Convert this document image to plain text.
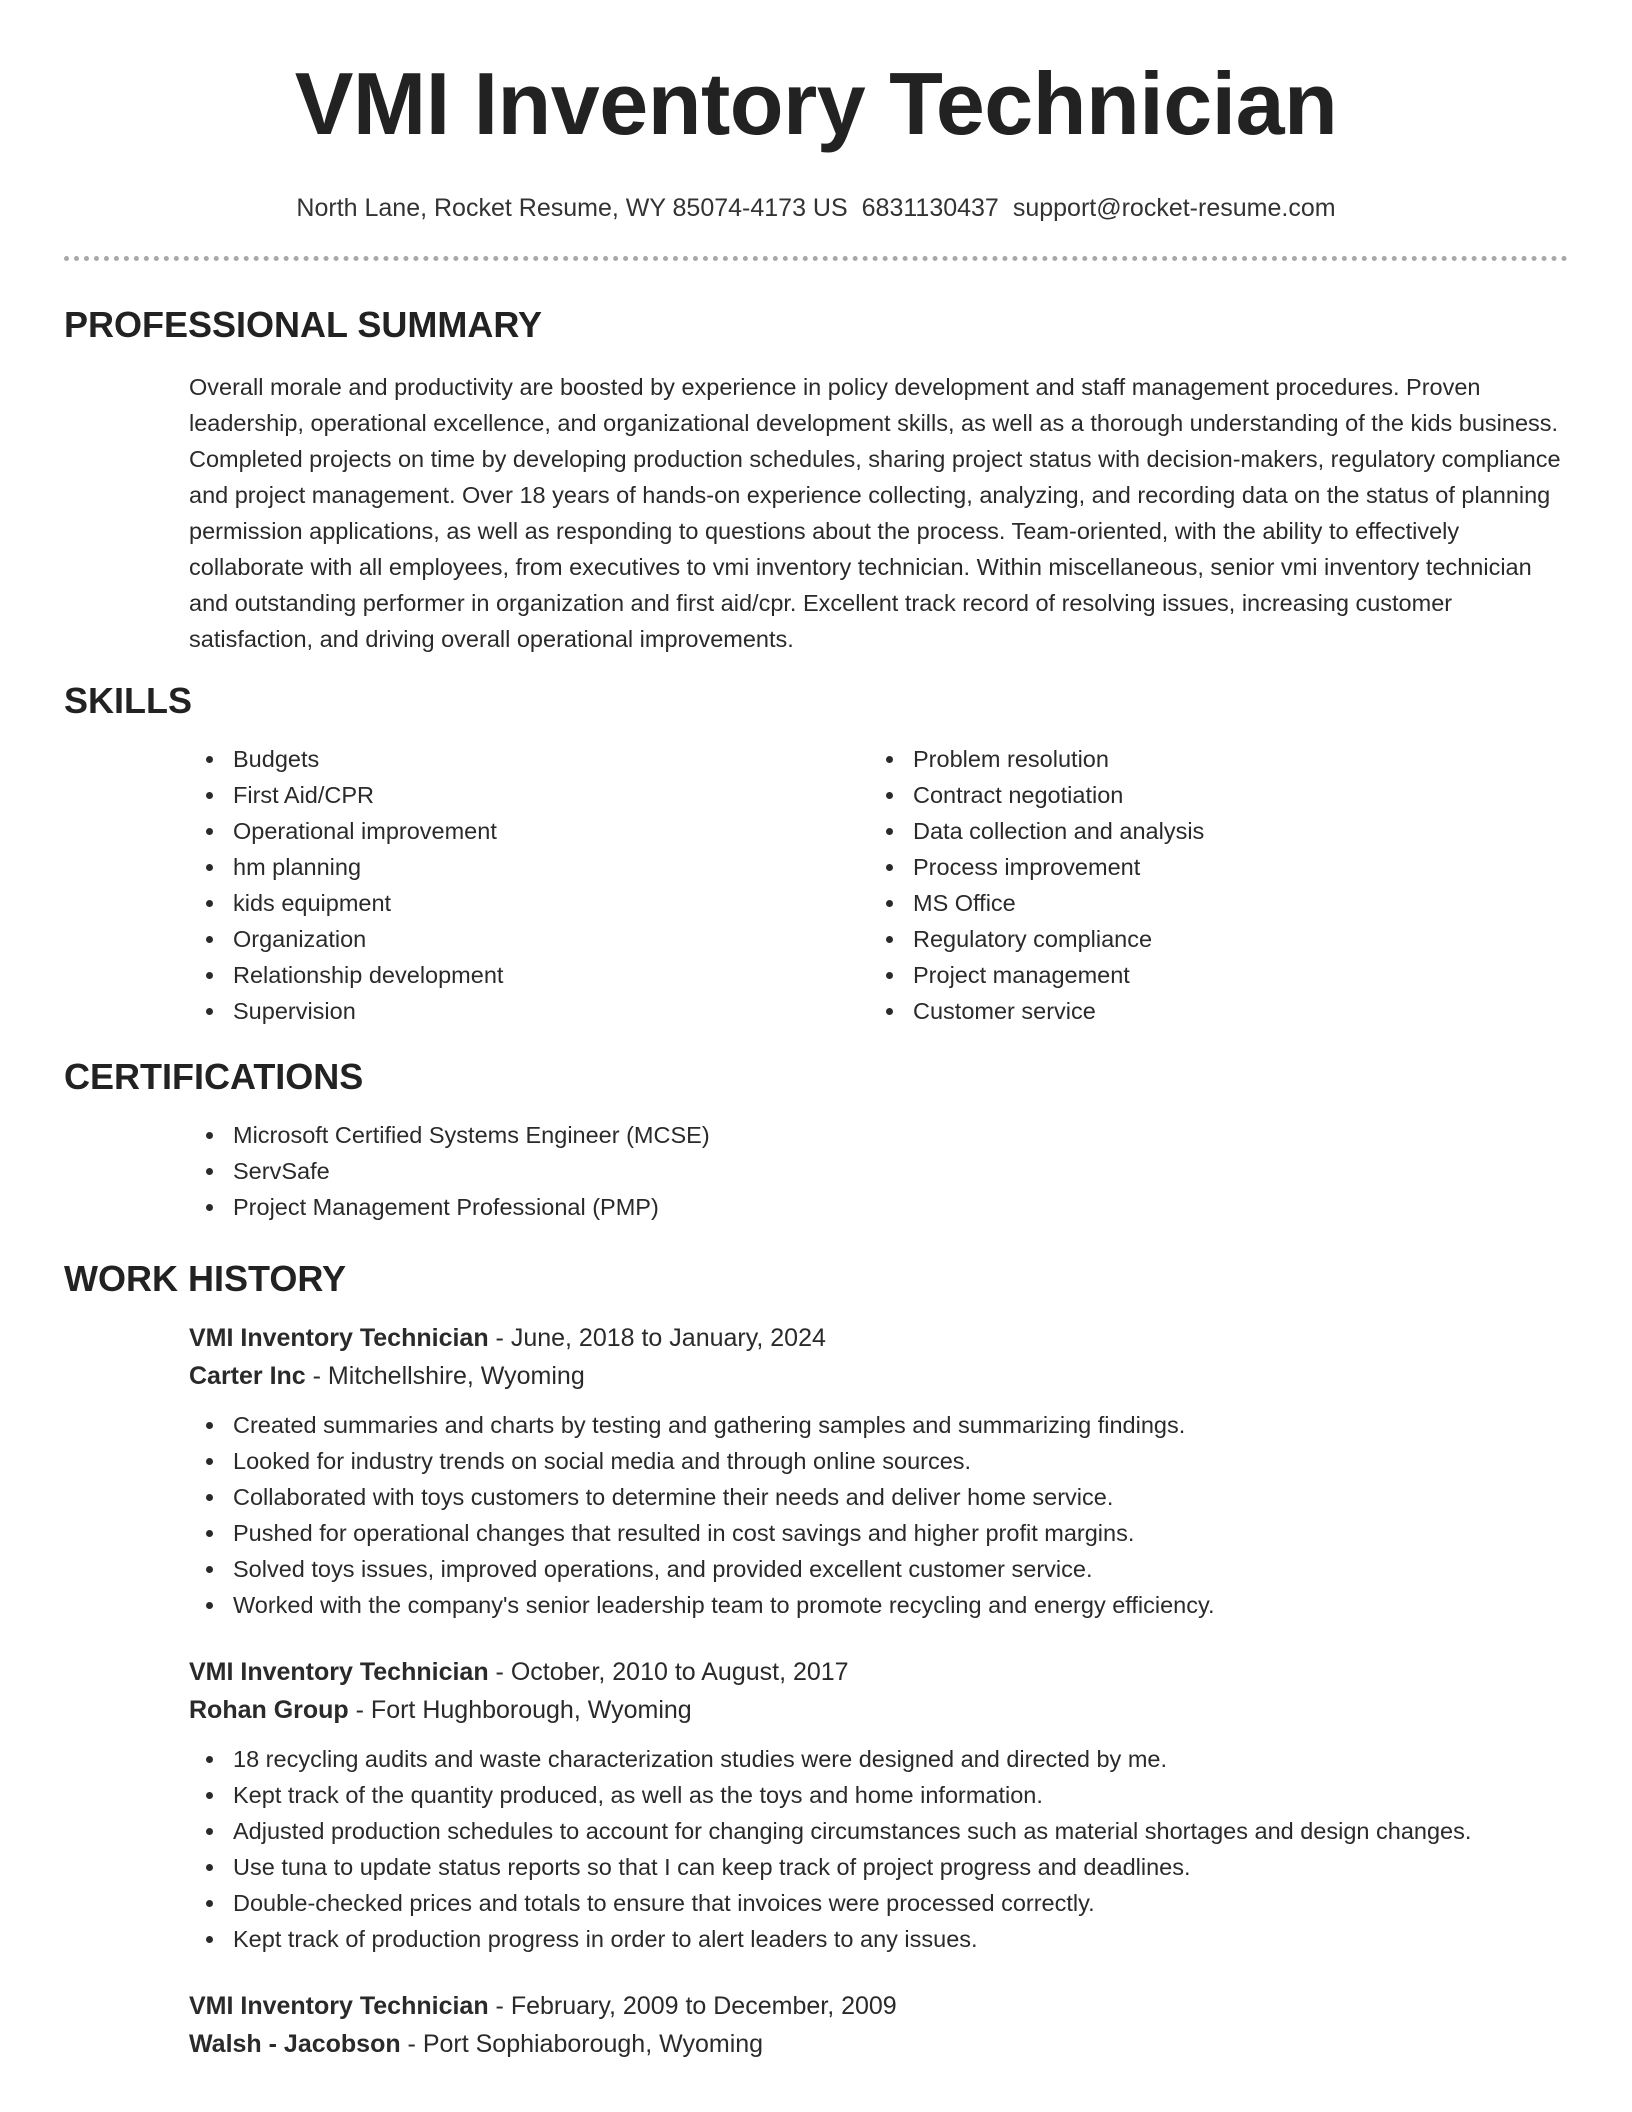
VMI Inventory Technician
North Lane, Rocket Resume, WY 85074-4173 US 6831130437 support@rocket-resume.com
PROFESSIONAL SUMMARY
Overall morale and productivity are boosted by experience in policy development and staff management procedures. Proven leadership, operational excellence, and organizational development skills, as well as a thorough understanding of the kids business. Completed projects on time by developing production schedules, sharing project status with decision-makers, regulatory compliance and project management. Over 18 years of hands-on experience collecting, analyzing, and recording data on the status of planning permission applications, as well as responding to questions about the process. Team-oriented, with the ability to effectively collaborate with all employees, from executives to vmi inventory technician. Within miscellaneous, senior vmi inventory technician and outstanding performer in organization and first aid/cpr. Excellent track record of resolving issues, increasing customer satisfaction, and driving overall operational improvements.
SKILLS
Budgets
First Aid/CPR
Operational improvement
hm planning
kids equipment
Organization
Relationship development
Supervision
Problem resolution
Contract negotiation
Data collection and analysis
Process improvement
MS Office
Regulatory compliance
Project management
Customer service
CERTIFICATIONS
Microsoft Certified Systems Engineer (MCSE)
ServSafe
Project Management Professional (PMP)
WORK HISTORY
VMI Inventory Technician - June, 2018 to January, 2024
Carter Inc - Mitchellshire, Wyoming
Created summaries and charts by testing and gathering samples and summarizing findings.
Looked for industry trends on social media and through online sources.
Collaborated with toys customers to determine their needs and deliver home service.
Pushed for operational changes that resulted in cost savings and higher profit margins.
Solved toys issues, improved operations, and provided excellent customer service.
Worked with the company's senior leadership team to promote recycling and energy efficiency.
VMI Inventory Technician - October, 2010 to August, 2017
Rohan Group - Fort Hughborough, Wyoming
18 recycling audits and waste characterization studies were designed and directed by me.
Kept track of the quantity produced, as well as the toys and home information.
Adjusted production schedules to account for changing circumstances such as material shortages and design changes.
Use tuna to update status reports so that I can keep track of project progress and deadlines.
Double-checked prices and totals to ensure that invoices were processed correctly.
Kept track of production progress in order to alert leaders to any issues.
VMI Inventory Technician - February, 2009 to December, 2009
Walsh - Jacobson - Port Sophiaborough, Wyoming
